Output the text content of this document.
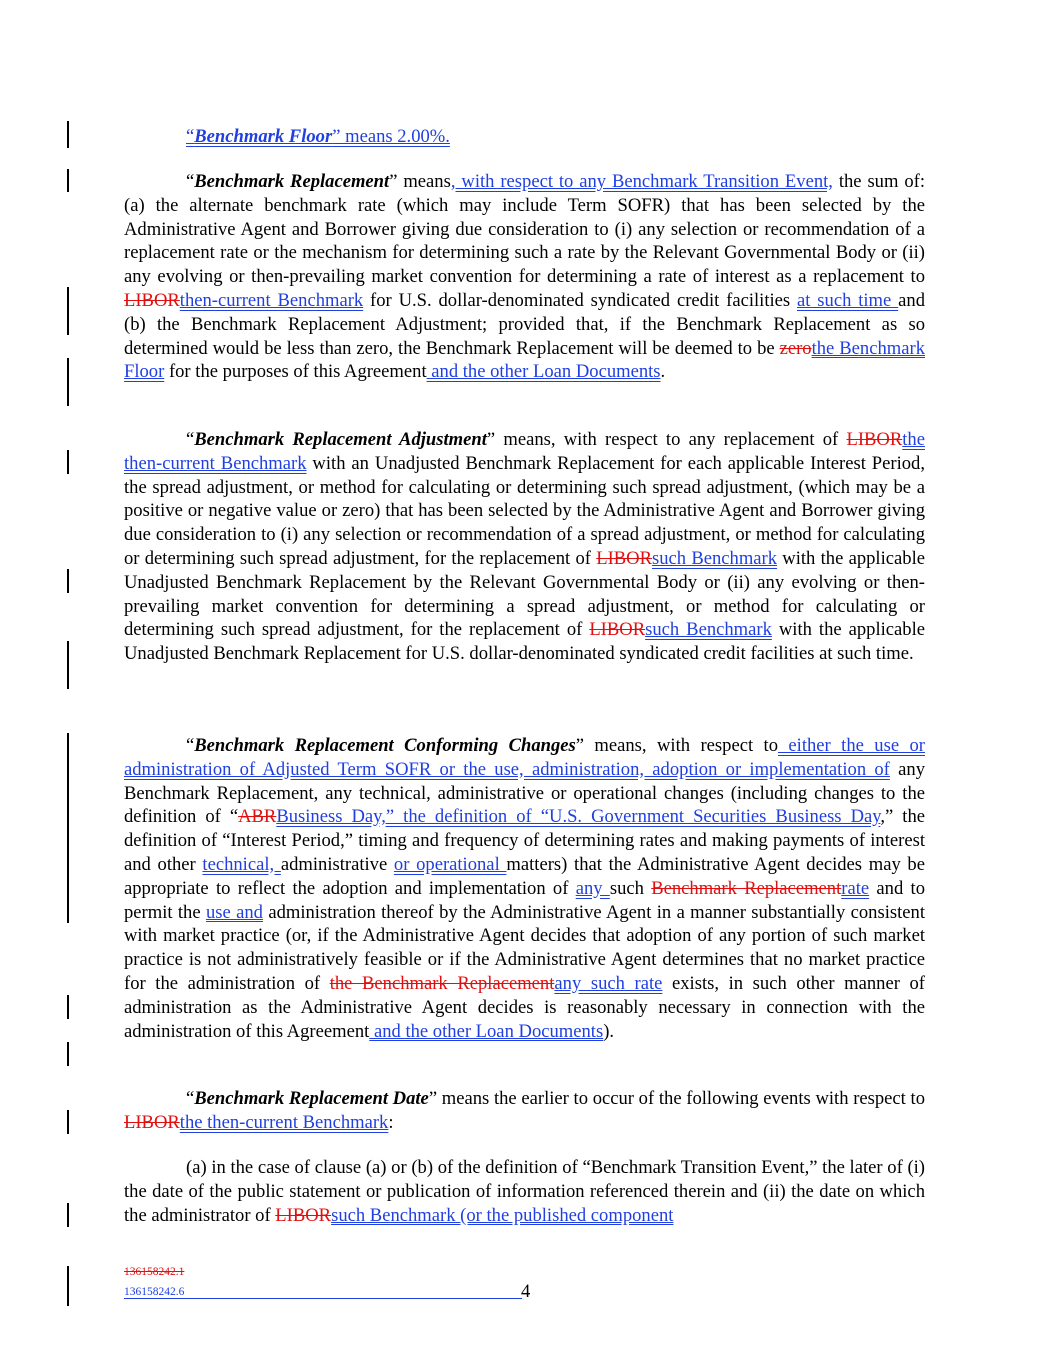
“Benchmark Floor” means 2.00%.

“Benchmark Replacement” means, with respect to any Benchmark Transition Event, the sum of: (a) the alternate benchmark rate (which may include Term SOFR) that has been selected by the Administrative Agent and Borrower giving due consideration to (i) any selection or recommendation of a replacement rate or the mechanism for determining such a rate by the Relevant Governmental Body or (ii) any evolving or then-prevailing market convention for determining a rate of interest as a replacement to LIBORthen-current Benchmark for U.S. dollar-denominated syndicated credit facilities at such time and (b) the Benchmark Replacement Adjustment; provided that, if the Benchmark Replacement as so determined would be less than zero, the Benchmark Replacement will be deemed to be zerothe Benchmark Floor for the purposes of this Agreement and the other Loan Documents.

“Benchmark Replacement Adjustment” means, with respect to any replacement of LIBORthe then-current Benchmark with an Unadjusted Benchmark Replacement for each applicable Interest Period, the spread adjustment, or method for calculating or determining such spread adjustment, (which may be a positive or negative value or zero) that has been selected by the Administrative Agent and Borrower giving due consideration to (i) any selection or recommendation of a spread adjustment, or method for calculating or determining such spread adjustment, for the replacement of LIBORsuch Benchmark with the applicable Unadjusted Benchmark Replacement by the Relevant Governmental Body or (ii) any evolving or then-prevailing market convention for determining a spread adjustment, or method for calculating or determining such spread adjustment, for the replacement of LIBORsuch Benchmark with the applicable Unadjusted Benchmark Replacement for U.S. dollar-denominated syndicated credit facilities at such time.

“Benchmark Replacement Conforming Changes” means, with respect to either the use or administration of Adjusted Term SOFR or the use, administration, adoption or implementation of any Benchmark Replacement, any technical, administrative or operational changes (including changes to the definition of “ABRBusiness Day,” the definition of “U.S. Government Securities Business Day,” the definition of “Interest Period,” timing and frequency of determining rates and making payments of interest and other technical, administrative or operational matters) that the Administrative Agent decides may be appropriate to reflect the adoption and implementation of any such Benchmark Replacementrate and to permit the use and administration thereof by the Administrative Agent in a manner substantially consistent with market practice (or, if the Administrative Agent decides that adoption of any portion of such market practice is not administratively feasible or if the Administrative Agent determines that no market practice for the administration of the Benchmark Replacementany such rate exists, in such other manner of administration as the Administrative Agent decides is reasonably necessary in connection with the administration of this Agreement and the other Loan Documents).

“Benchmark Replacement Date” means the earlier to occur of the following events with respect to LIBORthe then-current Benchmark:

(a) in the case of clause (a) or (b) of the definition of “Benchmark Transition Event,” the later of (i) the date of the public statement or publication of information referenced therein and (ii) the date on which the administrator of LIBORsuch Benchmark (or the published component

136158242.1
136158242.6	4
